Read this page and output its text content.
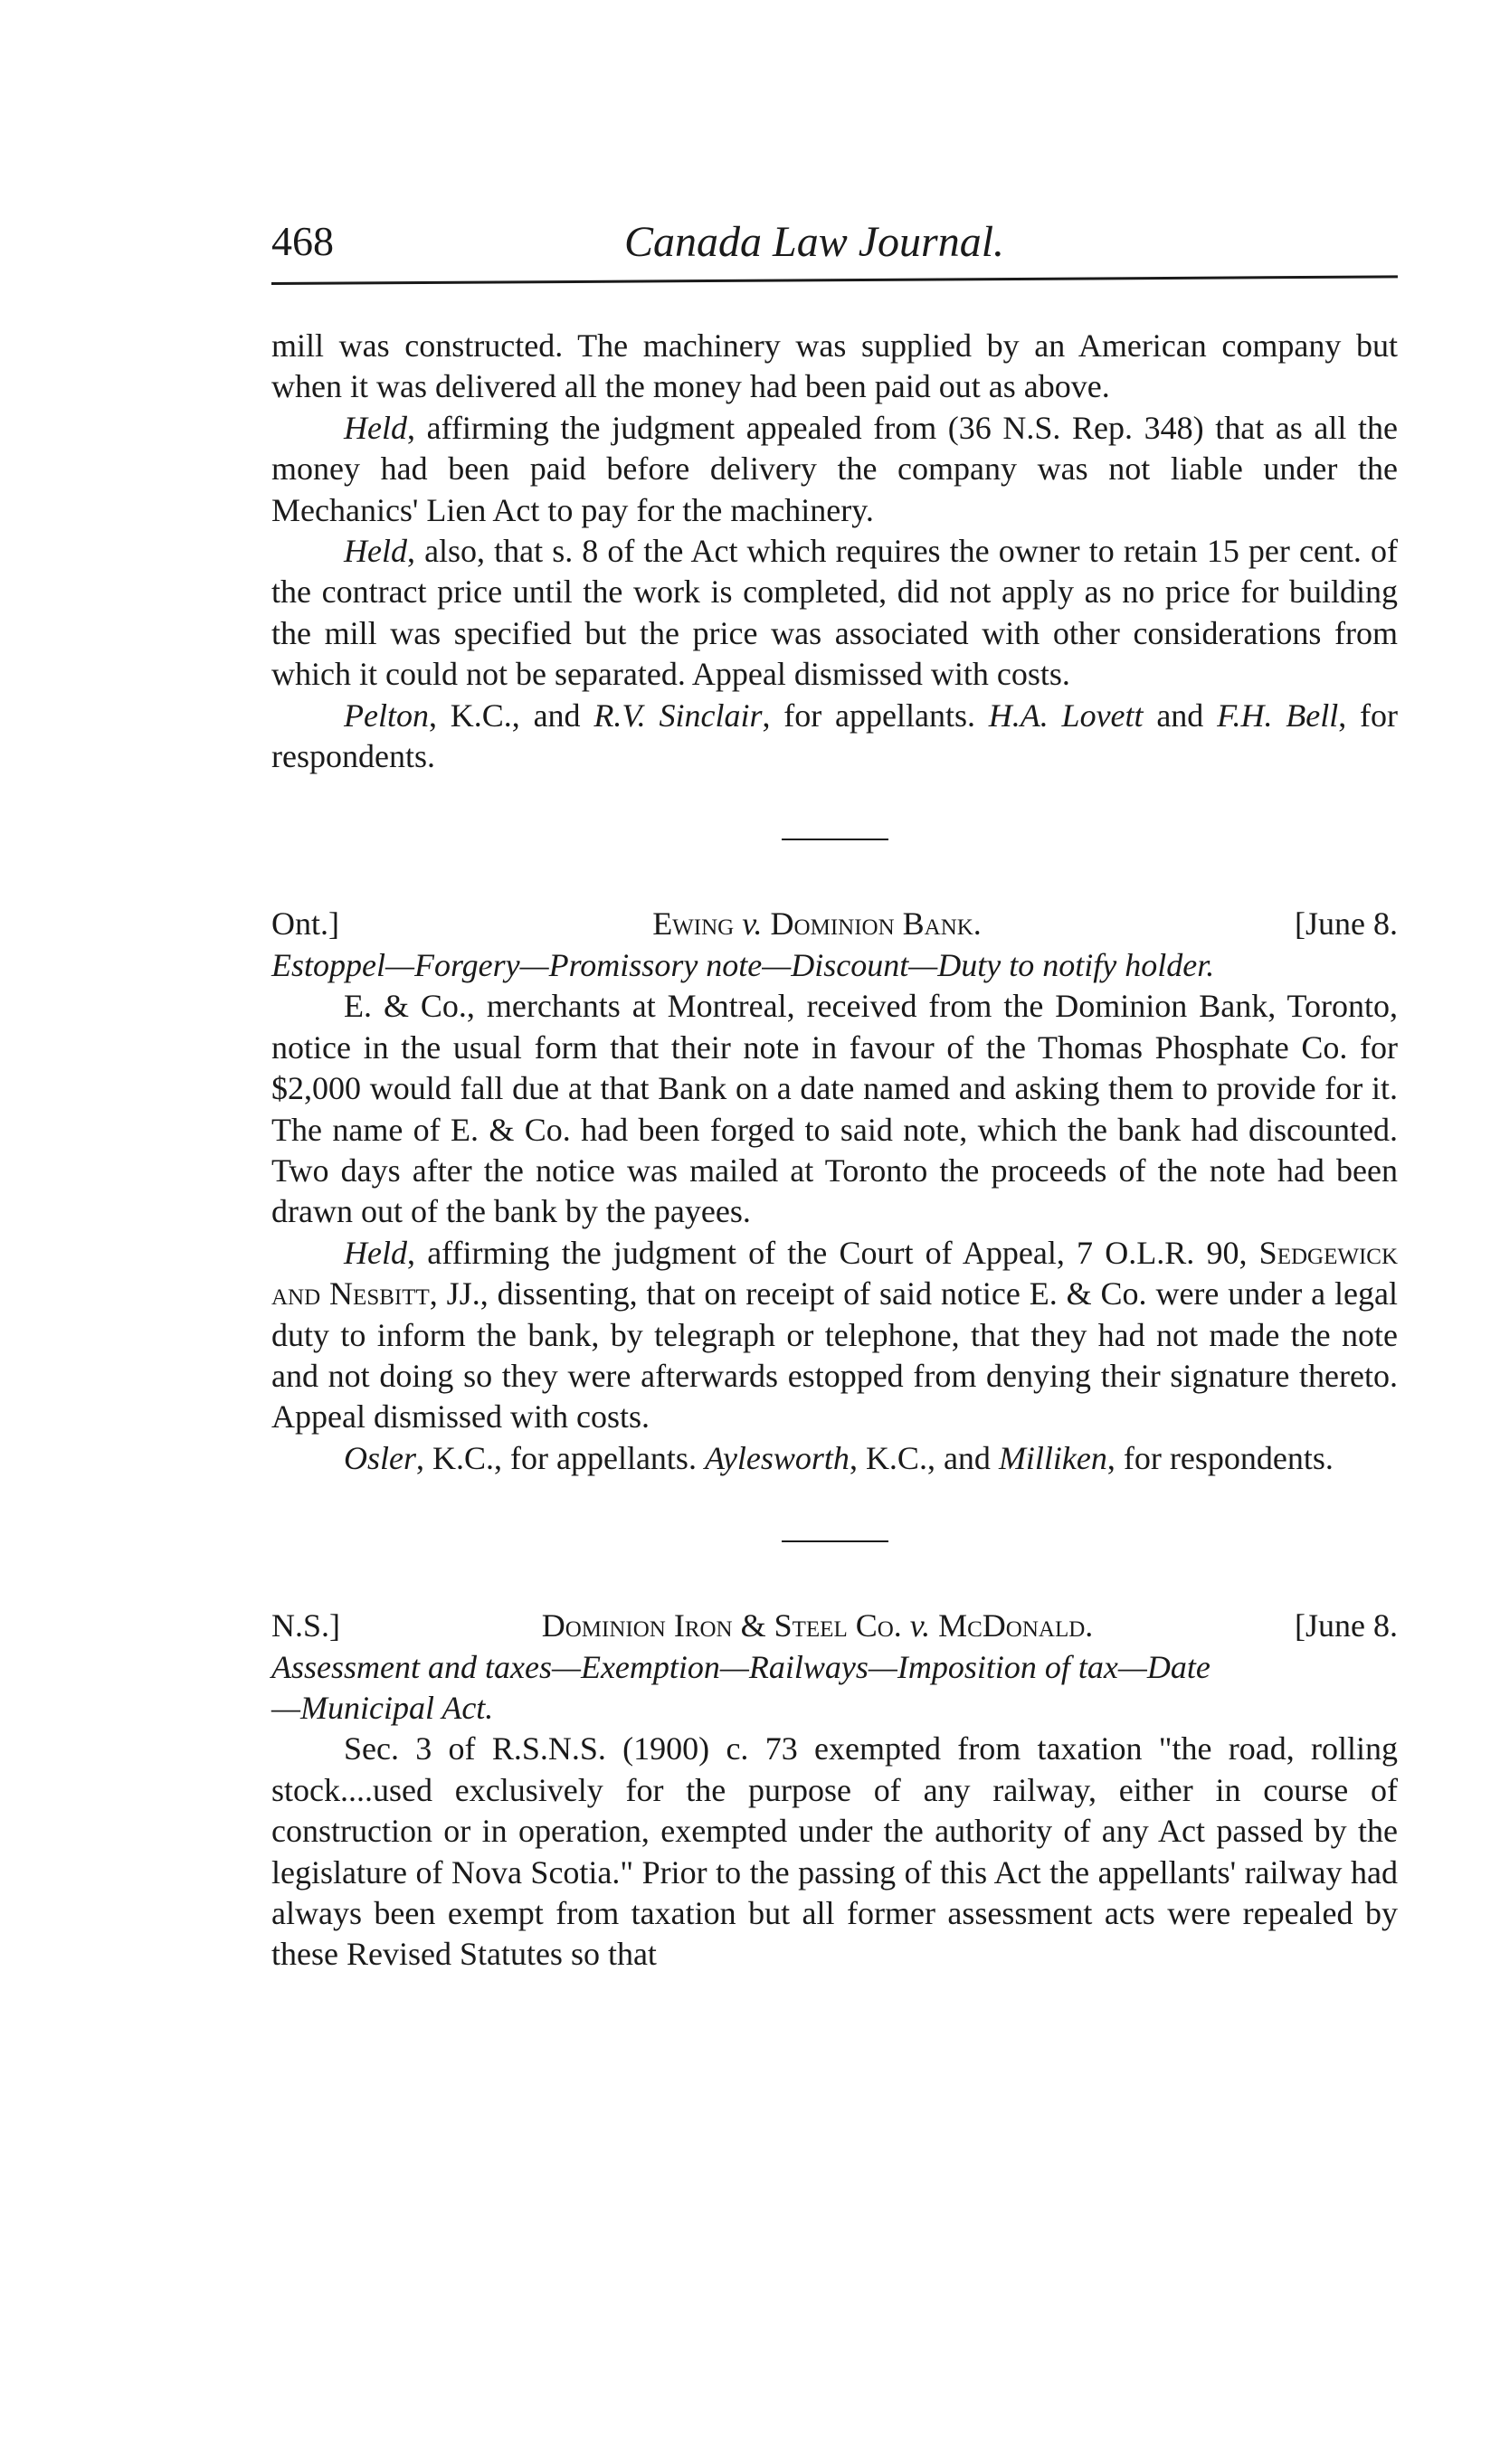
468	Canada Law Journal.

mill was constructed. The machinery was supplied by an American company but when it was delivered all the money had been paid out as above.

Held, affirming the judgment appealed from (36 N.S. Rep. 348) that as all the money had been paid before delivery the company was not liable under the Mechanics' Lien Act to pay for the machinery.

Held, also, that s. 8 of the Act which requires the owner to retain 15 per cent. of the contract price until the work is completed, did not apply as no price for building the mill was specified but the price was associated with other considerations from which it could not be separated. Appeal dismissed with costs.

Pelton, K.C., and R.V. Sinclair, for appellants. H.A. Lovett and F.H. Bell, for respondents.

Ont.]	Ewing v. Dominion Bank.	[June 8.

Estoppel—Forgery—Promissory note—Discount—Duty to notify holder.

E. & Co., merchants at Montreal, received from the Dominion Bank, Toronto, notice in the usual form that their note in favour of the Thomas Phosphate Co. for $2,000 would fall due at that Bank on a date named and asking them to provide for it. The name of E. & Co. had been forged to said note, which the bank had discounted. Two days after the notice was mailed at Toronto the proceeds of the note had been drawn out of the bank by the payees.

Held, affirming the judgment of the Court of Appeal, 7 O.L.R. 90, Sedgewick and Nesbitt, JJ., dissenting, that on receipt of said notice E. & Co. were under a legal duty to inform the bank, by telegraph or telephone, that they had not made the note and not doing so they were afterwards estopped from denying their signature thereto. Appeal dismissed with costs.

Osler, K.C., for appellants. Aylesworth, K.C., and Milliken, for respondents.

N.S.]	Dominion Iron & Steel Co. v. McDonald.	[June 8.

Assessment and taxes—Exemption—Railways—Imposition of tax—Date

—Municipal Act.

Sec. 3 of R.S.N.S. (1900) c. 73 exempted from taxation "the road, rolling stock....used exclusively for the purpose of any railway, either in course of construction or in operation, exempted under the authority of any Act passed by the legislature of Nova Scotia." Prior to the passing of this Act the appellants' railway had always been exempt from taxation but all former assessment acts were repealed by these Revised Statutes so that
